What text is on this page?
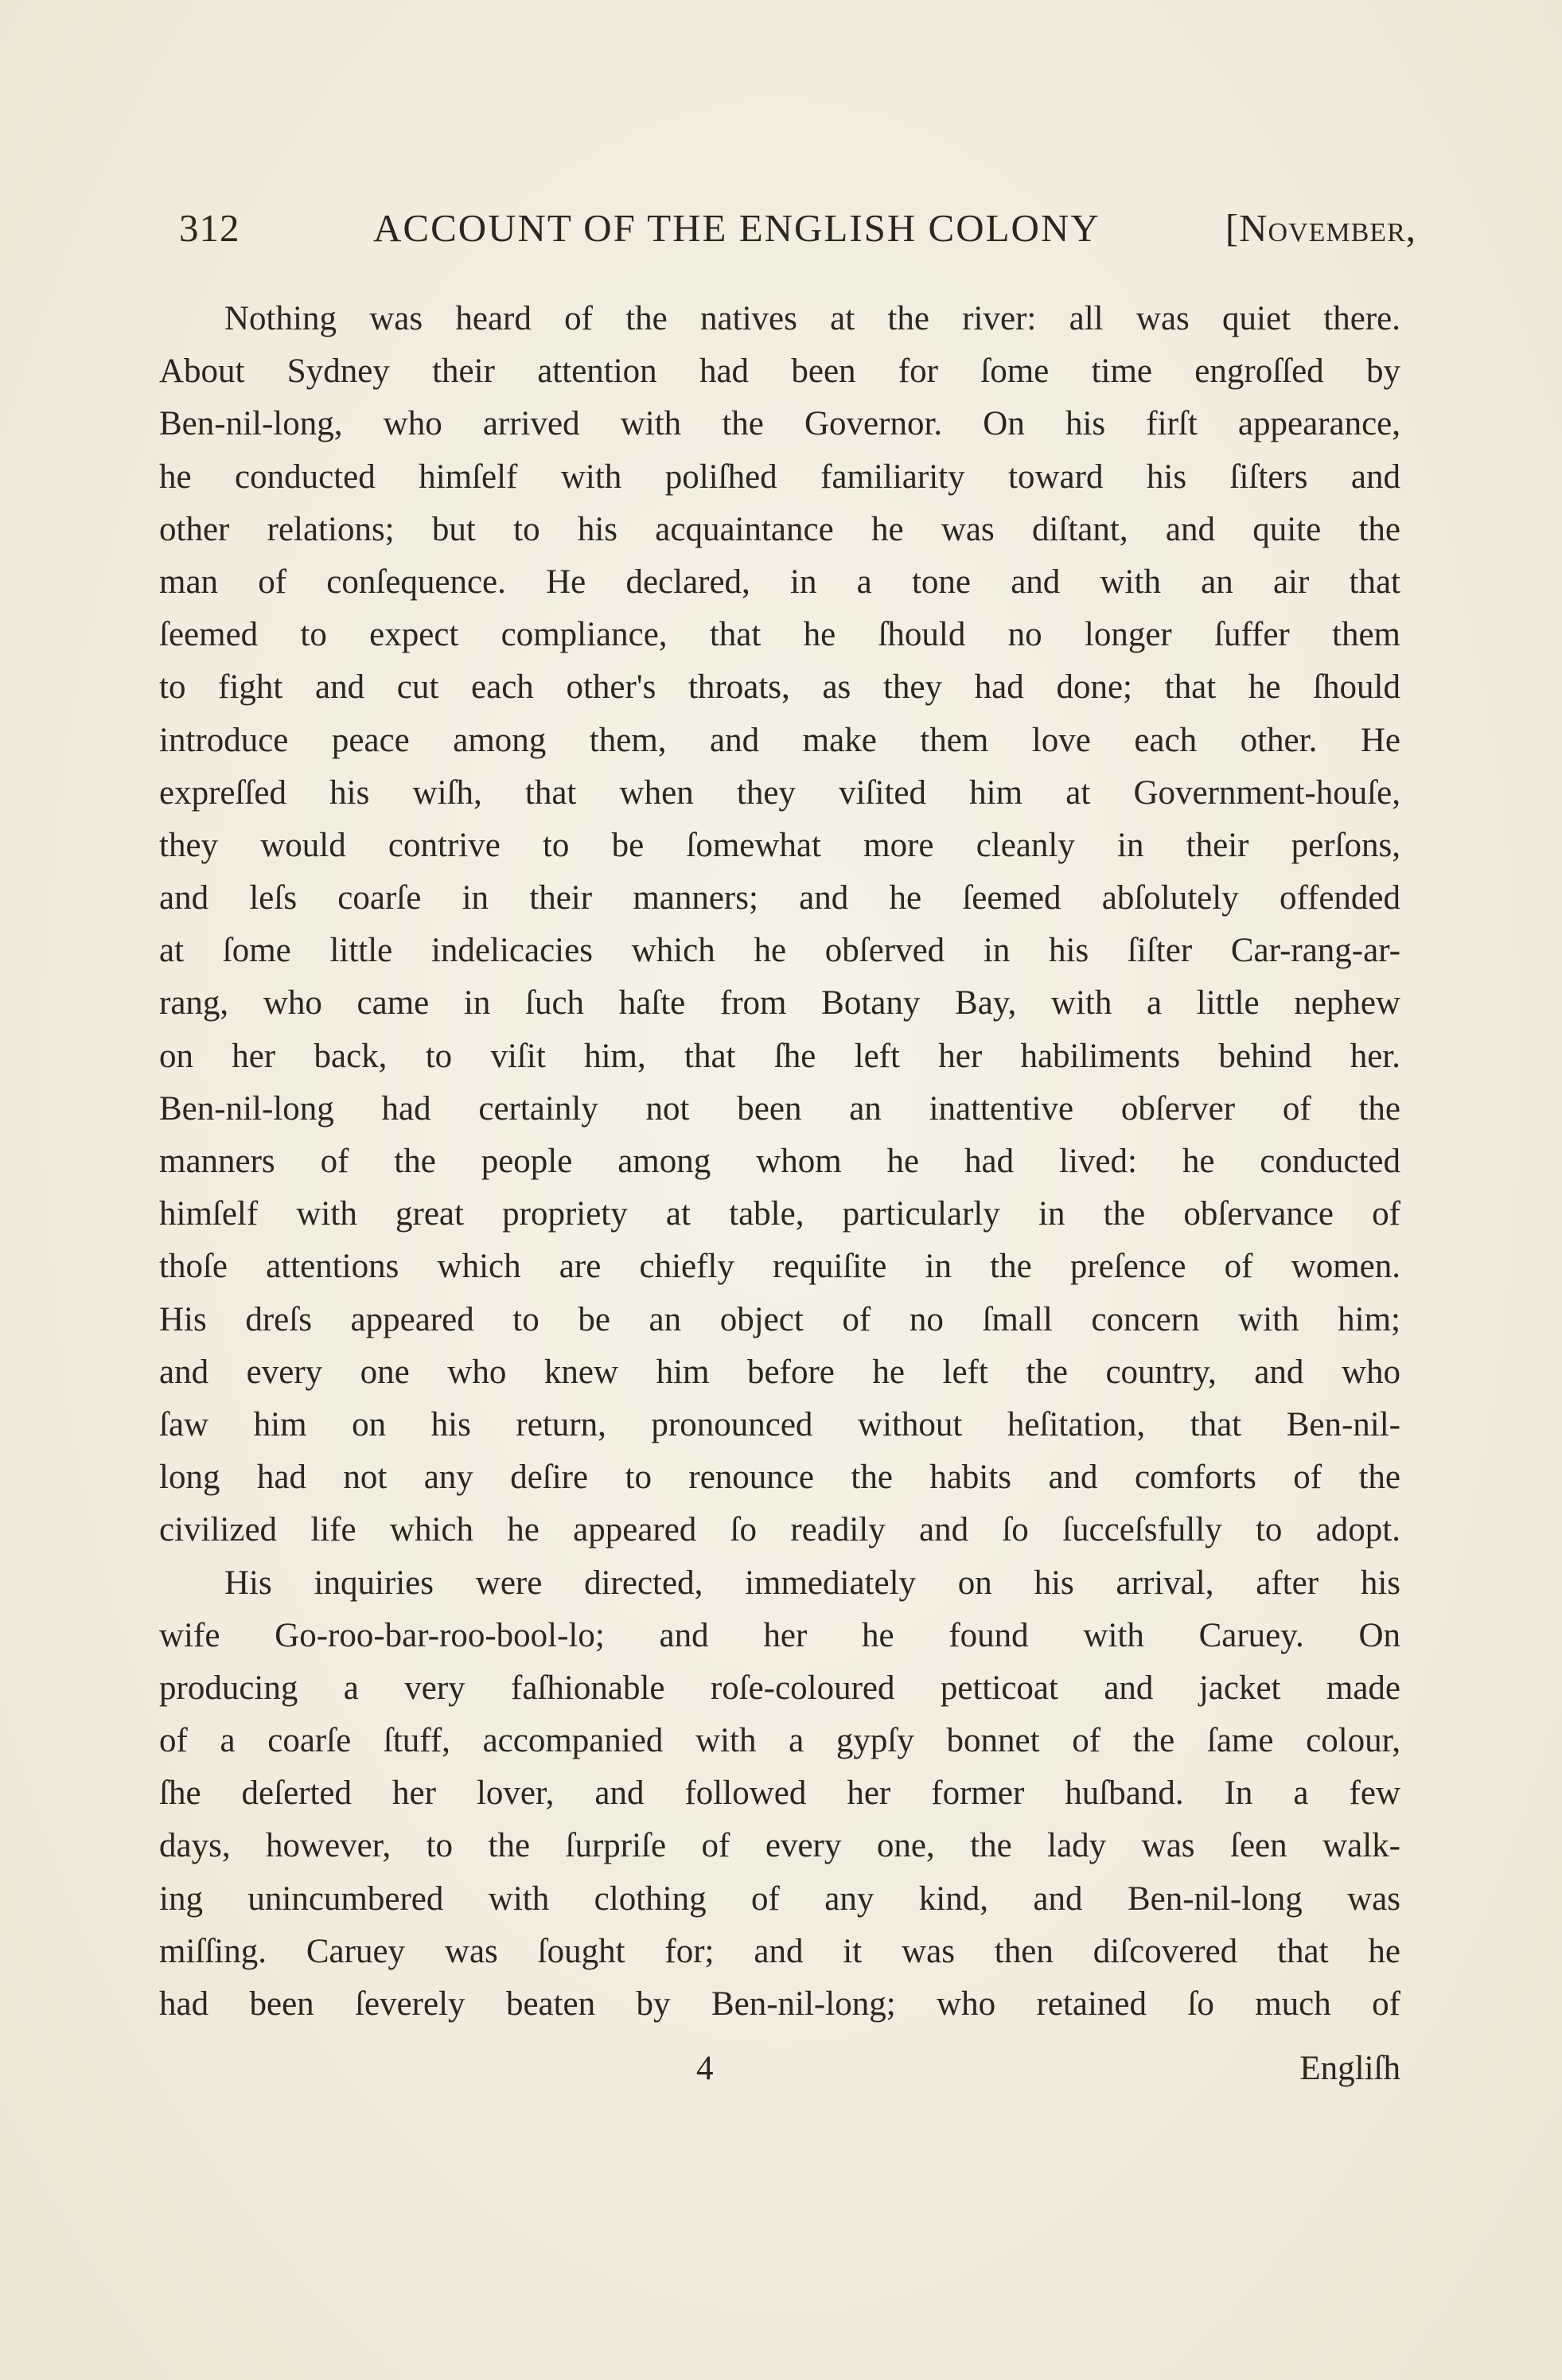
312	ACCOUNT OF THE ENGLISH COLONY	[November,
Nothing was heard of the natives at the river: all was quiet there.
About Sydney their attention had been for ſome time engroſſed by
Ben-nil-long, who arrived with the Governor. On his firſt appearance,
he conducted himſelf with poliſhed familiarity toward his ſiſters and
other relations; but to his acquaintance he was diſtant, and quite the
man of conſequence. He declared, in a tone and with an air that
ſeemed to expect compliance, that he ſhould no longer ſuffer them
to fight and cut each other's throats, as they had done; that he ſhould
introduce peace among them, and make them love each other. He
expreſſed his wiſh, that when they viſited him at Government-houſe,
they would contrive to be ſomewhat more cleanly in their perſons,
and leſs coarſe in their manners; and he ſeemed abſolutely offended
at ſome little indelicacies which he obſerved in his ſiſter Car-rang-ar-
rang, who came in ſuch haſte from Botany Bay, with a little nephew
on her back, to viſit him, that ſhe left her habiliments behind her.
Ben-nil-long had certainly not been an inattentive obſerver of the
manners of the people among whom he had lived: he conducted
himſelf with great propriety at table, particularly in the obſervance of
thoſe attentions which are chiefly requiſite in the preſence of women.
His dreſs appeared to be an object of no ſmall concern with him;
and every one who knew him before he left the country, and who
ſaw him on his return, pronounced without heſitation, that Ben-nil-
long had not any deſire to renounce the habits and comforts of the
civilized life which he appeared ſo readily and ſo ſucceſsfully to adopt.
His inquiries were directed, immediately on his arrival, after his
wife Go-roo-bar-roo-bool-lo; and her he found with Caruey. On
producing a very faſhionable roſe-coloured petticoat and jacket made
of a coarſe ſtuff, accompanied with a gypſy bonnet of the ſame colour,
ſhe deſerted her lover, and followed her former huſband. In a few
days, however, to the ſurpriſe of every one, the lady was ſeen walk-
ing unincumbered with clothing of any kind, and Ben-nil-long was
miſſing. Caruey was ſought for; and it was then diſcovered that he
had been ſeverely beaten by Ben-nil-long; who retained ſo much of
4	Engliſh
